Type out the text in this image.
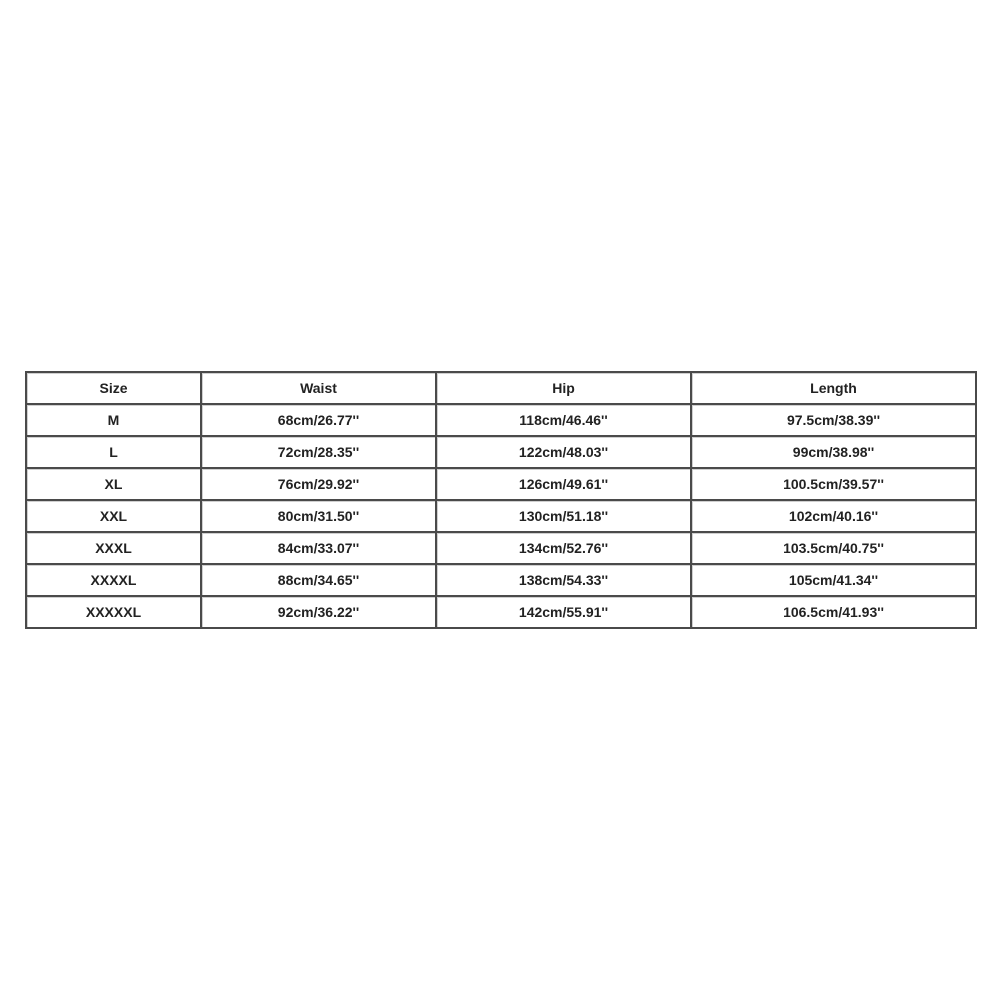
Size	Waist	Hip	Length
M	68cm/26.77''	118cm/46.46''	97.5cm/38.39''
L	72cm/28.35''	122cm/48.03''	99cm/38.98''
XL	76cm/29.92''	126cm/49.61''	100.5cm/39.57''
XXL	80cm/31.50''	130cm/51.18''	102cm/40.16''
XXXL	84cm/33.07''	134cm/52.76''	103.5cm/40.75''
XXXXL	88cm/34.65''	138cm/54.33''	105cm/41.34''
XXXXXL	92cm/36.22''	142cm/55.91''	106.5cm/41.93''
